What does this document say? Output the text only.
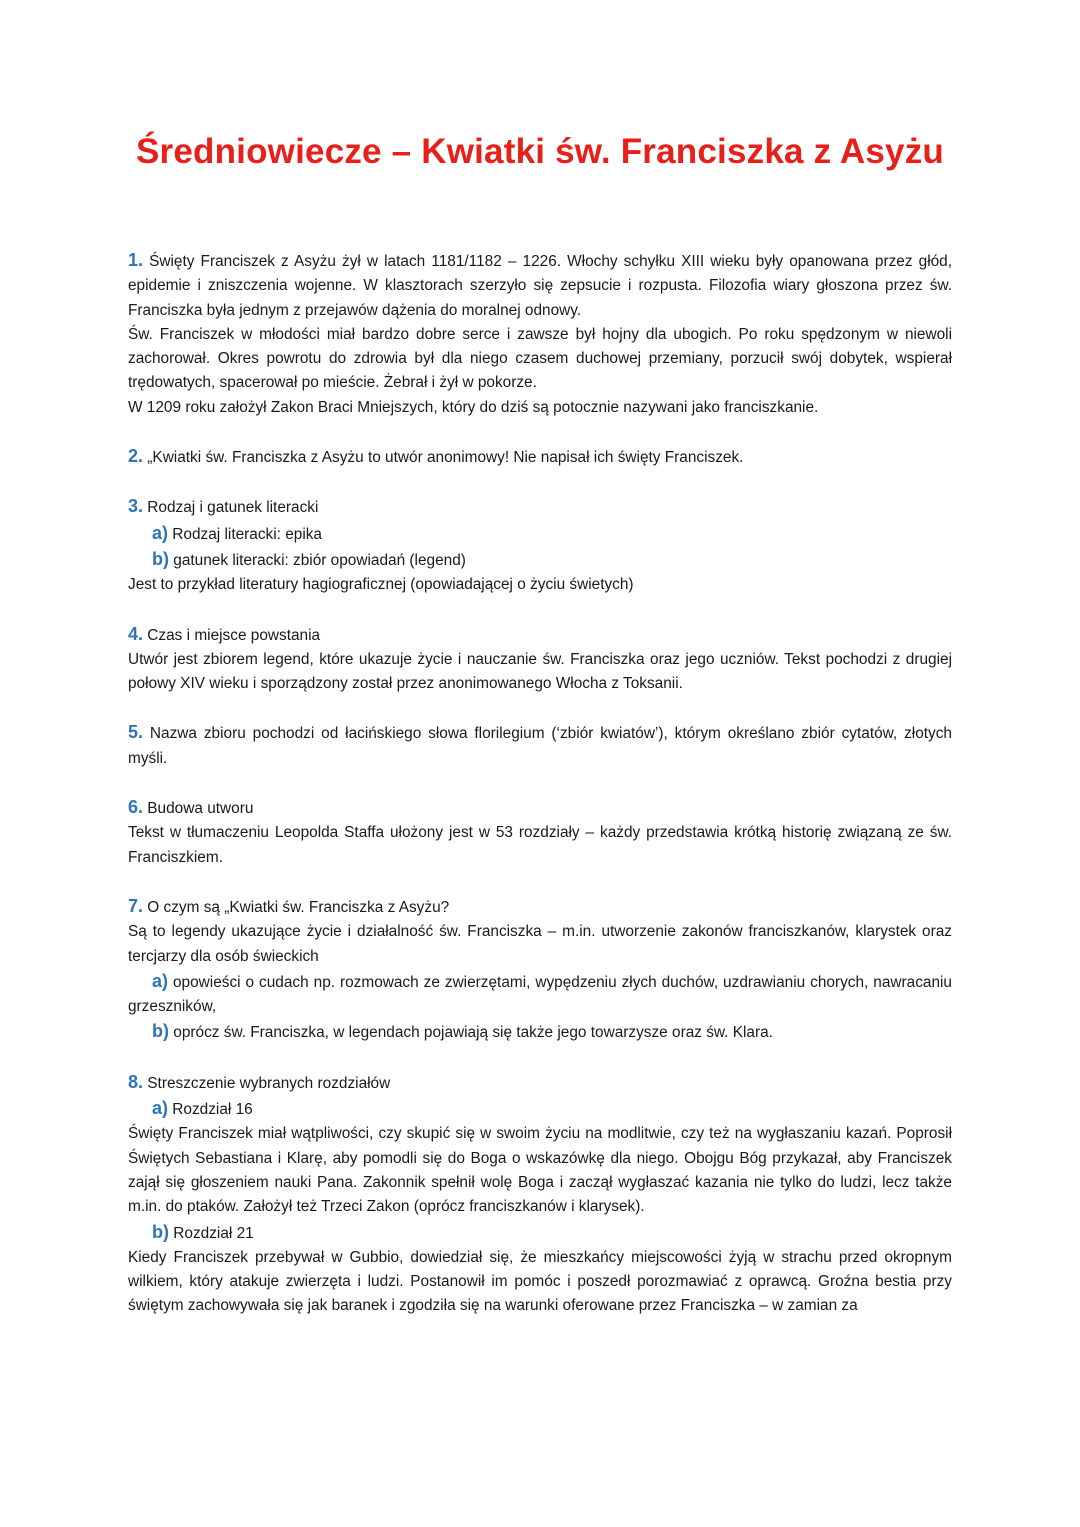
Średniowiecze – Kwiatki św. Franciszka z Asyżu

1. Święty Franciszek z Asyżu żył w latach 1181/1182 – 1226. Włochy schyłku XIII wieku były opanowana przez głód, epidemie i zniszczenia wojenne. W klasztorach szerzyło się zepsucie i rozpusta. Filozofia wiary głoszona przez św. Franciszka była jednym z przejawów dążenia do moralnej odnowy.

Św. Franciszek w młodości miał bardzo dobre serce i zawsze był hojny dla ubogich. Po roku spędzonym w niewoli zachorował. Okres powrotu do zdrowia był dla niego czasem duchowej przemiany, porzucił swój dobytek, wspierał trędowatych, spacerował po mieście. Żebrał i żył w pokorze.

W 1209 roku założył Zakon Braci Mniejszych, który do dziś są potocznie nazywani jako franciszkanie.

2. „Kwiatki św. Franciszka z Asyżu to utwór anonimowy! Nie napisał ich święty Franciszek.

3. Rodzaj i gatunek literacki

a) Rodzaj literacki: epika

b) gatunek literacki: zbiór opowiadań (legend)

Jest to przykład literatury hagiograficznej (opowiadającej o życiu świetych)

4. Czas i miejsce powstania

Utwór jest zbiorem legend, które ukazuje życie i nauczanie św. Franciszka oraz jego uczniów. Tekst pochodzi z drugiej połowy XIV wieku i sporządzony został przez anonimowanego Włocha z Toksanii.

5. Nazwa zbioru pochodzi od łacińskiego słowa florilegium (‘zbiór kwiatów’), którym określano zbiór cytatów, złotych myśli.

6. Budowa utworu

Tekst w tłumaczeniu Leopolda Staffa ułożony jest w 53 rozdziały – każdy przedstawia krótką historię związaną ze św. Franciszkiem.

7. O czym są „Kwiatki św. Franciszka z Asyżu?

Są to legendy ukazujące życie i działalność św. Franciszka – m.in. utworzenie zakonów franciszkanów, klarystek oraz tercjarzy dla osób świeckich

a) opowieści o cudach np. rozmowach ze zwierzętami, wypędzeniu złych duchów, uzdrawianiu chorych, nawracaniu grzeszników,

b) oprócz św. Franciszka, w legendach pojawiają się także jego towarzysze oraz św. Klara.

8. Streszczenie wybranych rozdziałów

a) Rozdział 16

Święty Franciszek miał wątpliwości, czy skupić się w swoim życiu na modlitwie, czy też na wygłaszaniu kazań. Poprosił Świętych Sebastiana i Klarę, aby pomodli się do Boga o wskazówkę dla niego. Obojgu Bóg przykazał, aby Franciszek zajął się głoszeniem nauki Pana. Zakonnik spełnił wolę Boga i zaczął wygłaszać kazania nie tylko do ludzi, lecz także m.in. do ptaków. Założył też Trzeci Zakon (oprócz franciszkanów i klarysek).

b) Rozdział 21

Kiedy Franciszek przebywał w Gubbio, dowiedział się, że mieszkańcy miejscowości żyją w strachu przed okropnym wilkiem, który atakuje zwierzęta i ludzi. Postanowił im pomóc i poszedł porozmawiać z oprawcą. Groźna bestia przy świętym zachowywała się jak baranek i zgodziła się na warunki oferowane przez Franciszka – w zamian za
